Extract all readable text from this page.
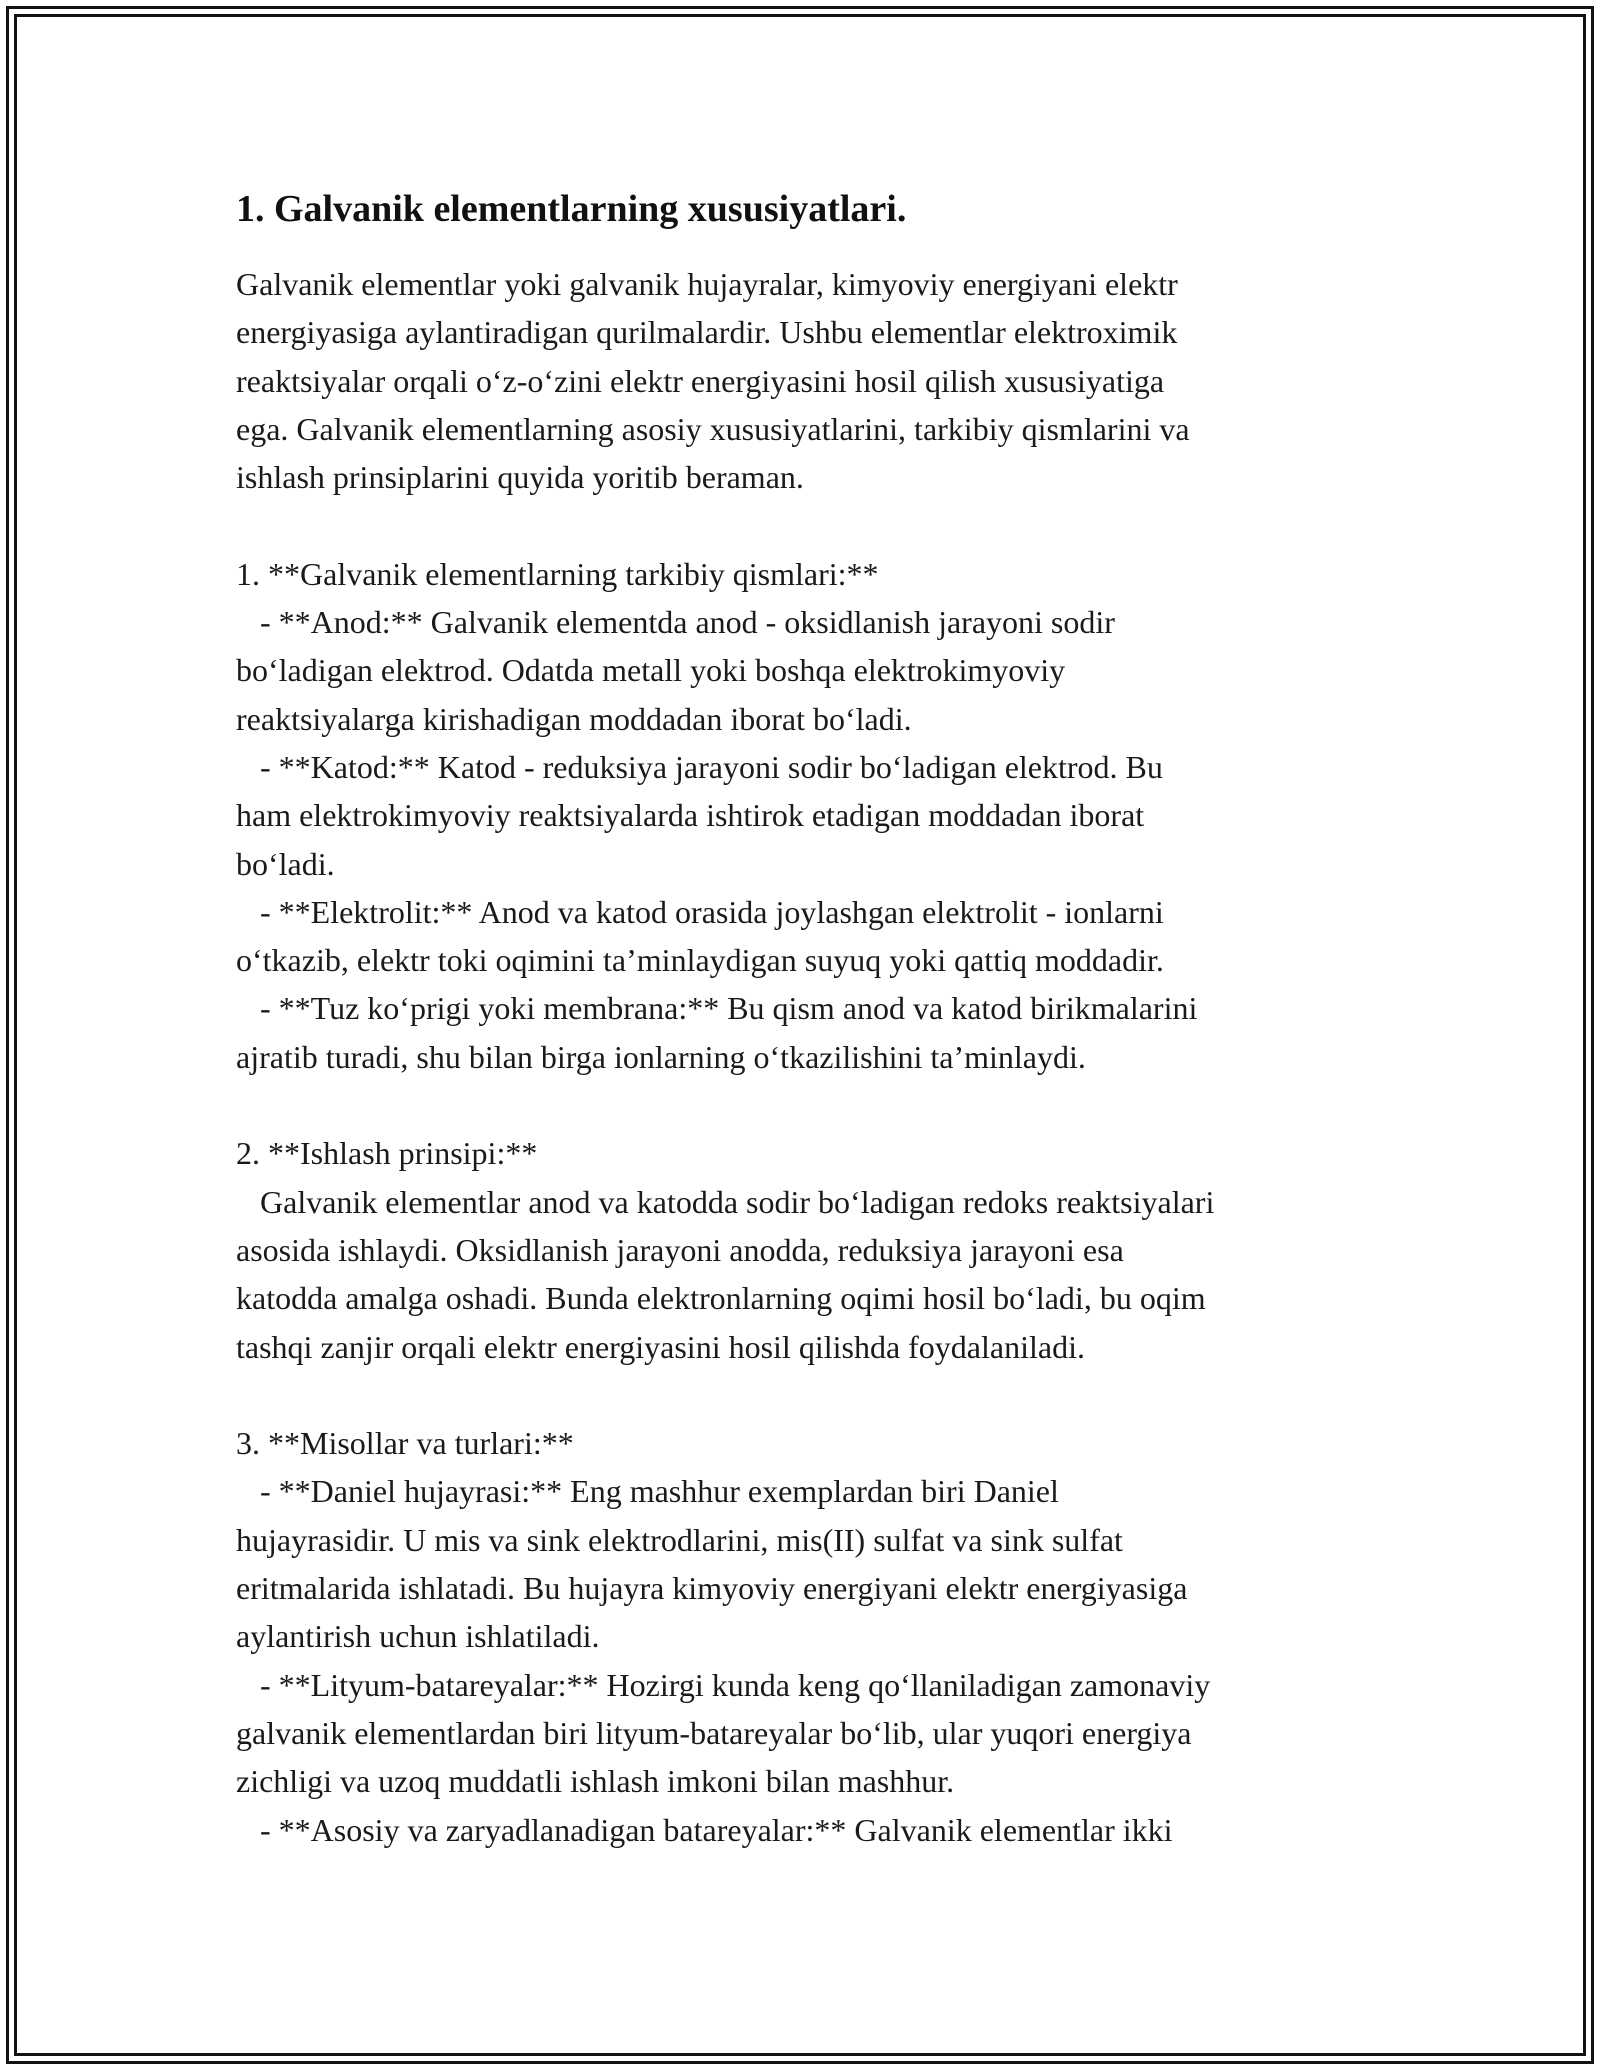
1. Galvanik elementlarning xususiyatlari.

Galvanik elementlar yoki galvanik hujayralar, kimyoviy energiyani elektr

energiyasiga aylantiradigan qurilmalardir. Ushbu elementlar elektroximik

reaktsiyalar orqali o‘z-o‘zini elektr energiyasini hosil qilish xususiyatiga

ega. Galvanik elementlarning asosiy xususiyatlarini, tarkibiy qismlarini va

ishlash prinsiplarini quyida yoritib beraman.

1. **Galvanik elementlarning tarkibiy qismlari:**

- **Anod:** Galvanik elementda anod - oksidlanish jarayoni sodir

bo‘ladigan elektrod. Odatda metall yoki boshqa elektrokimyoviy

reaktsiyalarga kirishadigan moddadan iborat bo‘ladi.

- **Katod:** Katod - reduksiya jarayoni sodir bo‘ladigan elektrod. Bu

ham elektrokimyoviy reaktsiyalarda ishtirok etadigan moddadan iborat

bo‘ladi.

- **Elektrolit:** Anod va katod orasida joylashgan elektrolit - ionlarni

o‘tkazib, elektr toki oqimini ta’minlaydigan suyuq yoki qattiq moddadir.

- **Tuz ko‘prigi yoki membrana:** Bu qism anod va katod birikmalarini

ajratib turadi, shu bilan birga ionlarning o‘tkazilishini ta’minlaydi.

2. **Ishlash prinsipi:**

Galvanik elementlar anod va katodda sodir bo‘ladigan redoks reaktsiyalari

asosida ishlaydi. Oksidlanish jarayoni anodda, reduksiya jarayoni esa

katodda amalga oshadi. Bunda elektronlarning oqimi hosil bo‘ladi, bu oqim

tashqi zanjir orqali elektr energiyasini hosil qilishda foydalaniladi.

3. **Misollar va turlari:**

- **Daniel hujayrasi:** Eng mashhur exemplardan biri Daniel

hujayrasidir. U mis va sink elektrodlarini, mis(II) sulfat va sink sulfat

eritmalarida ishlatadi. Bu hujayra kimyoviy energiyani elektr energiyasiga

aylantirish uchun ishlatiladi.

- **Lityum-batareyalar:** Hozirgi kunda keng qo‘llaniladigan zamonaviy

galvanik elementlardan biri lityum-batareyalar bo‘lib, ular yuqori energiya

zichligi va uzoq muddatli ishlash imkoni bilan mashhur.

- **Asosiy va zaryadlanadigan batareyalar:** Galvanik elementlar ikki
